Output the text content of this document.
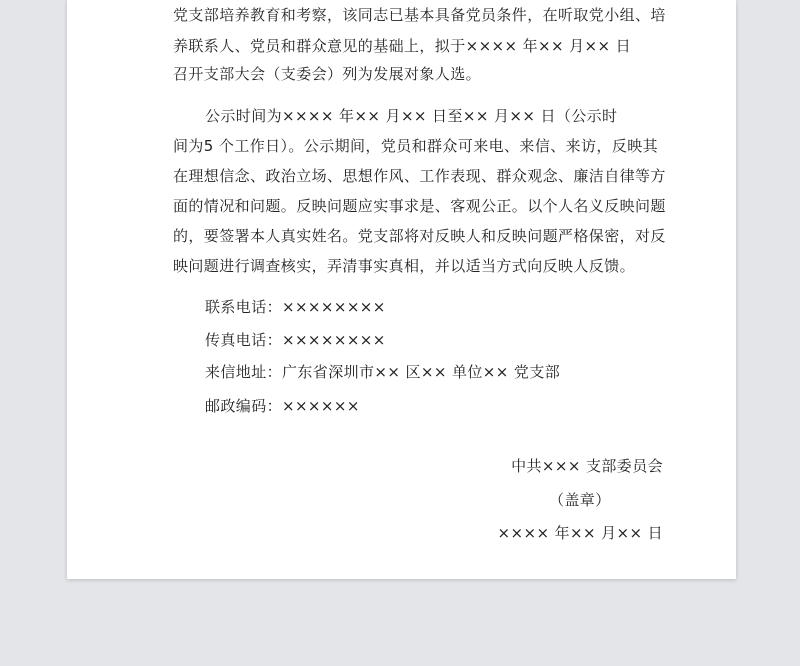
党支部培养教育和考察，该同志已基本具备党员条件，在听取党小组、培
养联系人、党员和群众意见的基础上，拟于×××× 年×× 月×× 日
召开支部大会（支委会）列为发展对象人选。
公示时间为×××× 年×× 月×× 日至×× 月×× 日（公示时
间为5 个工作日）。公示期间，党员和群众可来电、来信、来访，反映其
在理想信念、政治立场、思想作风、工作表现、群众观念、廉洁自律等方
面的情况和问题。反映问题应实事求是、客观公正。以个人名义反映问题
的，要签署本人真实姓名。党支部将对反映人和反映问题严格保密，对反
映问题进行调查核实，弄清事实真相，并以适当方式向反映人反馈。
联系电话：××××××××
传真电话：××××××××
来信地址：广东省深圳市×× 区×× 单位×× 党支部
邮政编码：××××××
中共××× 支部委员会
（盖章）
×××× 年×× 月×× 日
